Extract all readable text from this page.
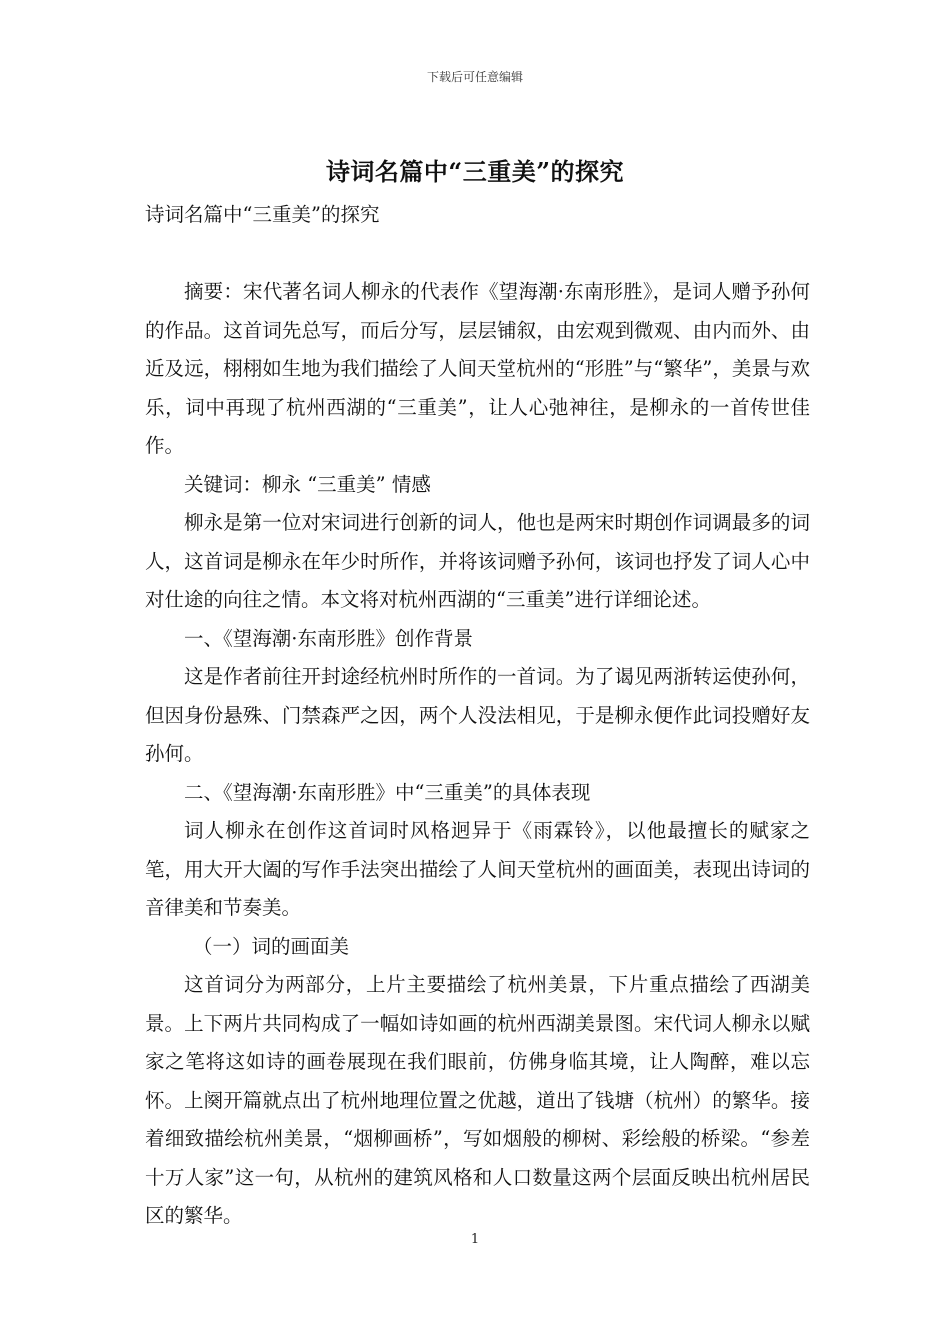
下载后可任意编辑
诗词名篇中“三重美”的探究

诗词名篇中“三重美”的探究

摘要：宋代著名词人柳永的代表作《望海潮·东南形胜》，是词人赠予孙何的作品。这首词先总写，而后分写，层层铺叙，由宏观到微观、由内而外、由近及远，栩栩如生地为我们描绘了人间天堂杭州的“形胜”与“繁华”，美景与欢乐，词中再现了杭州西湖的“三重美”，让人心弛神往，是柳永的一首传世佳作。

关键词：柳永 “三重美” 情感

柳永是第一位对宋词进行创新的词人，他也是两宋时期创作词调最多的词人，这首词是柳永在年少时所作，并将该词赠予孙何，该词也抒发了词人心中对仕途的向往之情。本文将对杭州西湖的“三重美”进行详细论述。

一、《望海潮·东南形胜》创作背景

这是作者前往开封途经杭州时所作的一首词。为了谒见两浙转运使孙何，但因身份悬殊、门禁森严之因，两个人没法相见，于是柳永便作此词投赠好友孙何。

二、《望海潮·东南形胜》中“三重美”的具体表现

词人柳永在创作这首词时风格迥异于《雨霖铃》，以他最擅长的赋家之笔，用大开大阖的写作手法突出描绘了人间天堂杭州的画面美，表现出诗词的音律美和节奏美。

（一）词的画面美

这首词分为两部分，上片主要描绘了杭州美景，下片重点描绘了西湖美景。上下两片共同构成了一幅如诗如画的杭州西湖美景图。宋代词人柳永以赋家之笔将这如诗的画卷展现在我们眼前，仿佛身临其境，让人陶醉，难以忘怀。上阕开篇就点出了杭州地理位置之优越，道出了钱塘（杭州）的繁华。接着细致描绘杭州美景，“烟柳画桥”，写如烟般的柳树、彩绘般的桥梁。“参差十万人家”这一句，从杭州的建筑风格和人口数量这两个层面反映出杭州居民区的繁华。

1
